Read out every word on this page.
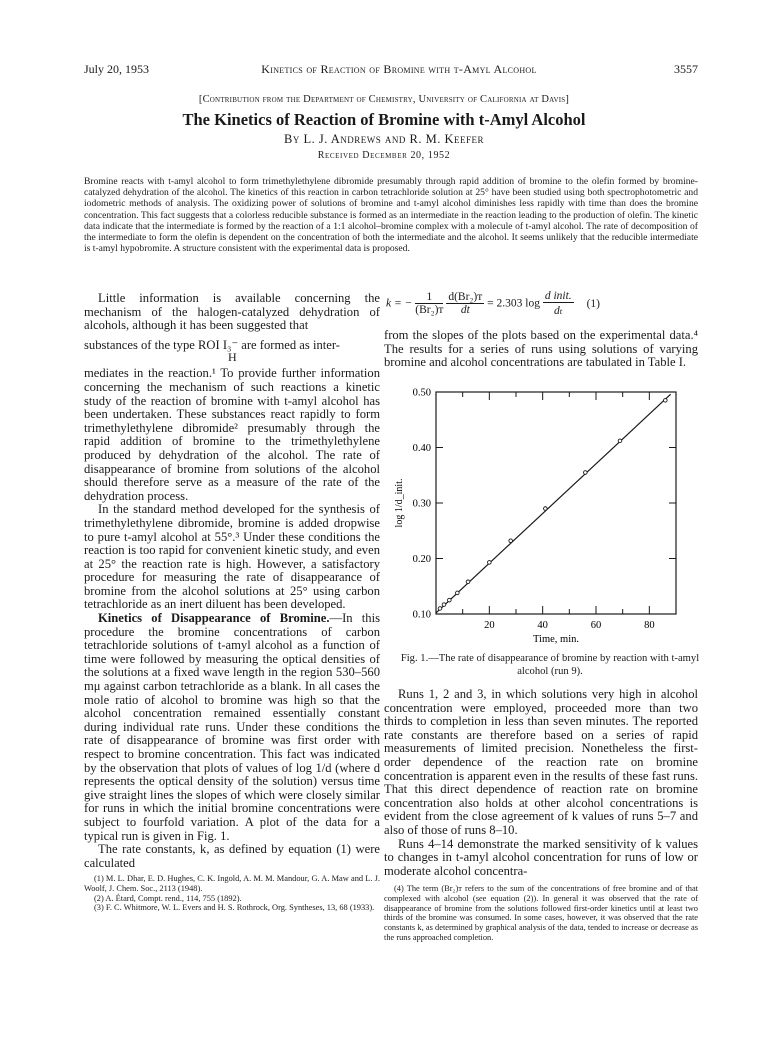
July 20, 1953	Kinetics of Reaction of Bromine with t-Amyl Alcohol	3557
[Contribution from the Department of Chemistry, University of California at Davis]
The Kinetics of Reaction of Bromine with t-Amyl Alcohol
By L. J. Andrews and R. M. Keefer
Received December 20, 1952
Bromine reacts with t-amyl alcohol to form trimethylethylene dibromide presumably through rapid addition of bromine to the olefin formed by bromine-catalyzed dehydration of the alcohol. The kinetics of this reaction in carbon tetrachloride solution at 25° have been studied using both spectrophotometric and iodometric methods of analysis. The oxidizing power of solutions of bromine and t-amyl alcohol diminishes less rapidly with time than does the bromine concentration. This fact suggests that a colorless reducible substance is formed as an intermediate in the reaction leading to the production of olefin. The kinetic data indicate that the intermediate is formed by the reaction of a 1:1 alcohol–bromine complex with a molecule of t-amyl alcohol. The rate of decomposition of the intermediate to form the olefin is dependent on the concentration of both the intermediate and the alcohol. It seems unlikely that the reducible intermediate is t-amyl hypobromite. A structure consistent with the experimental data is proposed.

Little information is available concerning the mechanism of the halogen-catalyzed dehydration of alcohols, although it has been suggested that

substances of the type ROI I₃⁻ are formed as inter-

H

mediates in the reaction.¹ To provide further information concerning the mechanism of such reactions a kinetic study of the reaction of bromine with t-amyl alcohol has been undertaken. These substances react rapidly to form trimethylethylene dibromide² presumably through the rapid addition of bromine to the trimethylethylene produced by dehydration of the alcohol. The rate of disappearance of bromine from solutions of the alcohol should therefore serve as a measure of the rate of the dehydration process.

In the standard method developed for the synthesis of trimethylethylene dibromide, bromine is added dropwise to pure t-amyl alcohol at 55°.³ Under these conditions the reaction is too rapid for convenient kinetic study, and even at 25° the reaction rate is high. However, a satisfactory procedure for measuring the rate of disappearance of bromine from the alcohol solutions at 25° using carbon tetrachloride as an inert diluent has been developed.

Kinetics of Disappearance of Bromine.—In this procedure the bromine concentrations of carbon tetrachloride solutions of t-amyl alcohol as a function of time were followed by measuring the optical densities of the solutions at a fixed wave length in the region 530–560 mμ against carbon tetrachloride as a blank. In all cases the mole ratio of alcohol to bromine was high so that the alcohol concentration remained essentially constant during individual rate runs. Under these conditions the rate of disappearance of bromine was first order with respect to bromine concentration. This fact was indicated by the observation that plots of values of log 1/d (where d represents the optical density of the solution) versus time give straight lines the slopes of which were closely similar for runs in which the initial bromine concentrations were subject to fourfold variation. A plot of the data for a typical run is given in Fig. 1.

The rate constants, k, as defined by equation (1) were calculated

(1) M. L. Dhar, E. D. Hughes, C. K. Ingold, A. M. M. Mandour, G. A. Maw and L. J. Woolf, J. Chem. Soc., 2113 (1948).

(2) A. Étard, Compt. rend., 114, 755 (1892).

(3) F. C. Whitmore, W. L. Evers and H. S. Rothrock, Org. Syntheses, 13, 68 (1933).

k = − $\frac{1}{\text{(Br₂)ᴛ}}$
$\frac{\text{d(Br₂)ᴛ}}{dt} = 2.303$ $\log \frac{\text{d init.}}{\text{dₜ}} (1)$

from the slopes of the plots based on the experimental data.⁴ The results for a series of runs using solutions of varying bromine and alcohol concentrations are tabulated in Table I.

20	40	60	80
0.10
0.20
0.30
0.40
0.50
Time, min.
log 1/d_init.
Fig. 1.—The rate of disappearance of bromine by reaction with t-amyl alcohol (run 9).

Runs 1, 2 and 3, in which solutions very high in alcohol concentration were employed, proceeded more than two thirds to completion in less than seven minutes. The reported rate constants are therefore based on a series of rapid measurements of limited precision. Nonetheless the first-order dependence of the reaction rate on bromine concentration is apparent even in the results of these fast runs. That this direct dependence of reaction rate on bromine concentration also holds at other alcohol concentrations is evident from the close agreement of k values of runs 5–7 and also of those of runs 8–10.

Runs 4–14 demonstrate the marked sensitivity of k values to changes in t-amyl alcohol concentration for runs of low or moderate alcohol concentra-

(4) The term (Br₂)ᴛ refers to the sum of the concentrations of free bromine and of that complexed with alcohol (see equation (2)). In general it was observed that the rate of disappearance of bromine from the solutions followed first-order kinetics until at least two thirds of the bromine was consumed. In some cases, however, it was observed that the rate constants k, as determined by graphical analysis of the data, tended to increase or decrease as the runs approached completion.
